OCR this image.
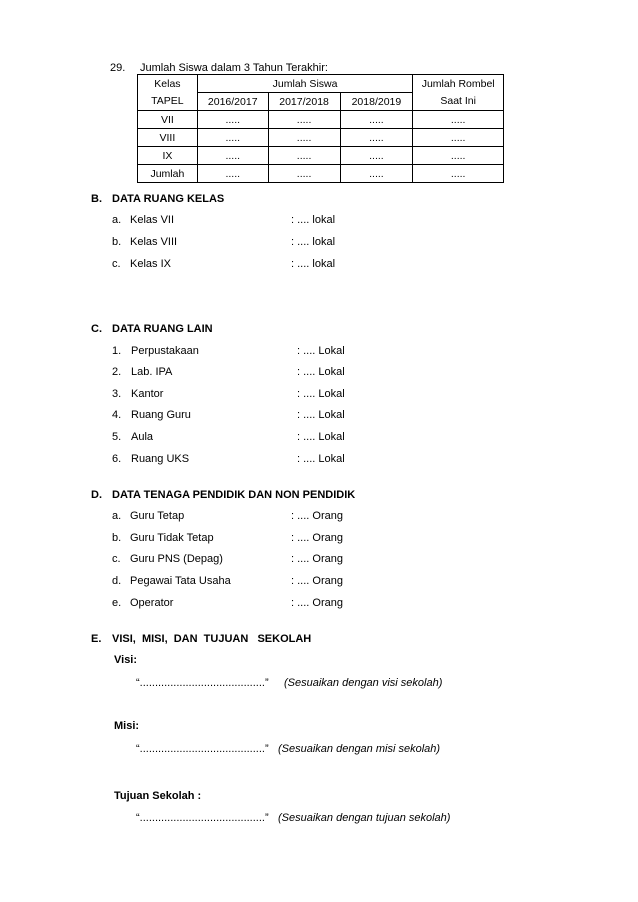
29. Jumlah Siswa dalam 3 Tahun Terakhir:
Kelas	Jumlah Siswa			Jumlah Rombel
TAPEL	2016/2017	2017/2018	2018/2019	Saat Ini
VII	.....	.....	.....	.....
VIII	.....	.....	.....	.....
IX	.....	.....	.....	.....
Jumlah	.....	.....	.....	.....
B. DATA RUANG KELAS
a. Kelas VII	: .... lokal
b. Kelas VIII	: .... lokal
c. Kelas IX	: .... lokal
C. DATA RUANG LAIN
1. Perpustakaan	: .... Lokal
2. Lab. IPA	: .... Lokal
3. Kantor	: .... Lokal
4. Ruang Guru	: .... Lokal
5. Aula	: .... Lokal
6. Ruang UKS	: .... Lokal
D. DATA TENAGA PENDIDIK DAN NON PENDIDIK
a. Guru Tetap	: .... Orang
b. Guru Tidak Tetap	: .... Orang
c. Guru PNS (Depag)	: .... Orang
d. Pegawai Tata Usaha	: .... Orang
e. Operator	: .... Orang
E. VISI,  MISI,  DAN  TUJUAN   SEKOLAH
Visi:
“.........................................” (Sesuaikan dengan visi sekolah)
Misi:
“.........................................” (Sesuaikan dengan misi sekolah)
Tujuan Sekolah :
“.........................................” (Sesuaikan dengan tujuan sekolah)
